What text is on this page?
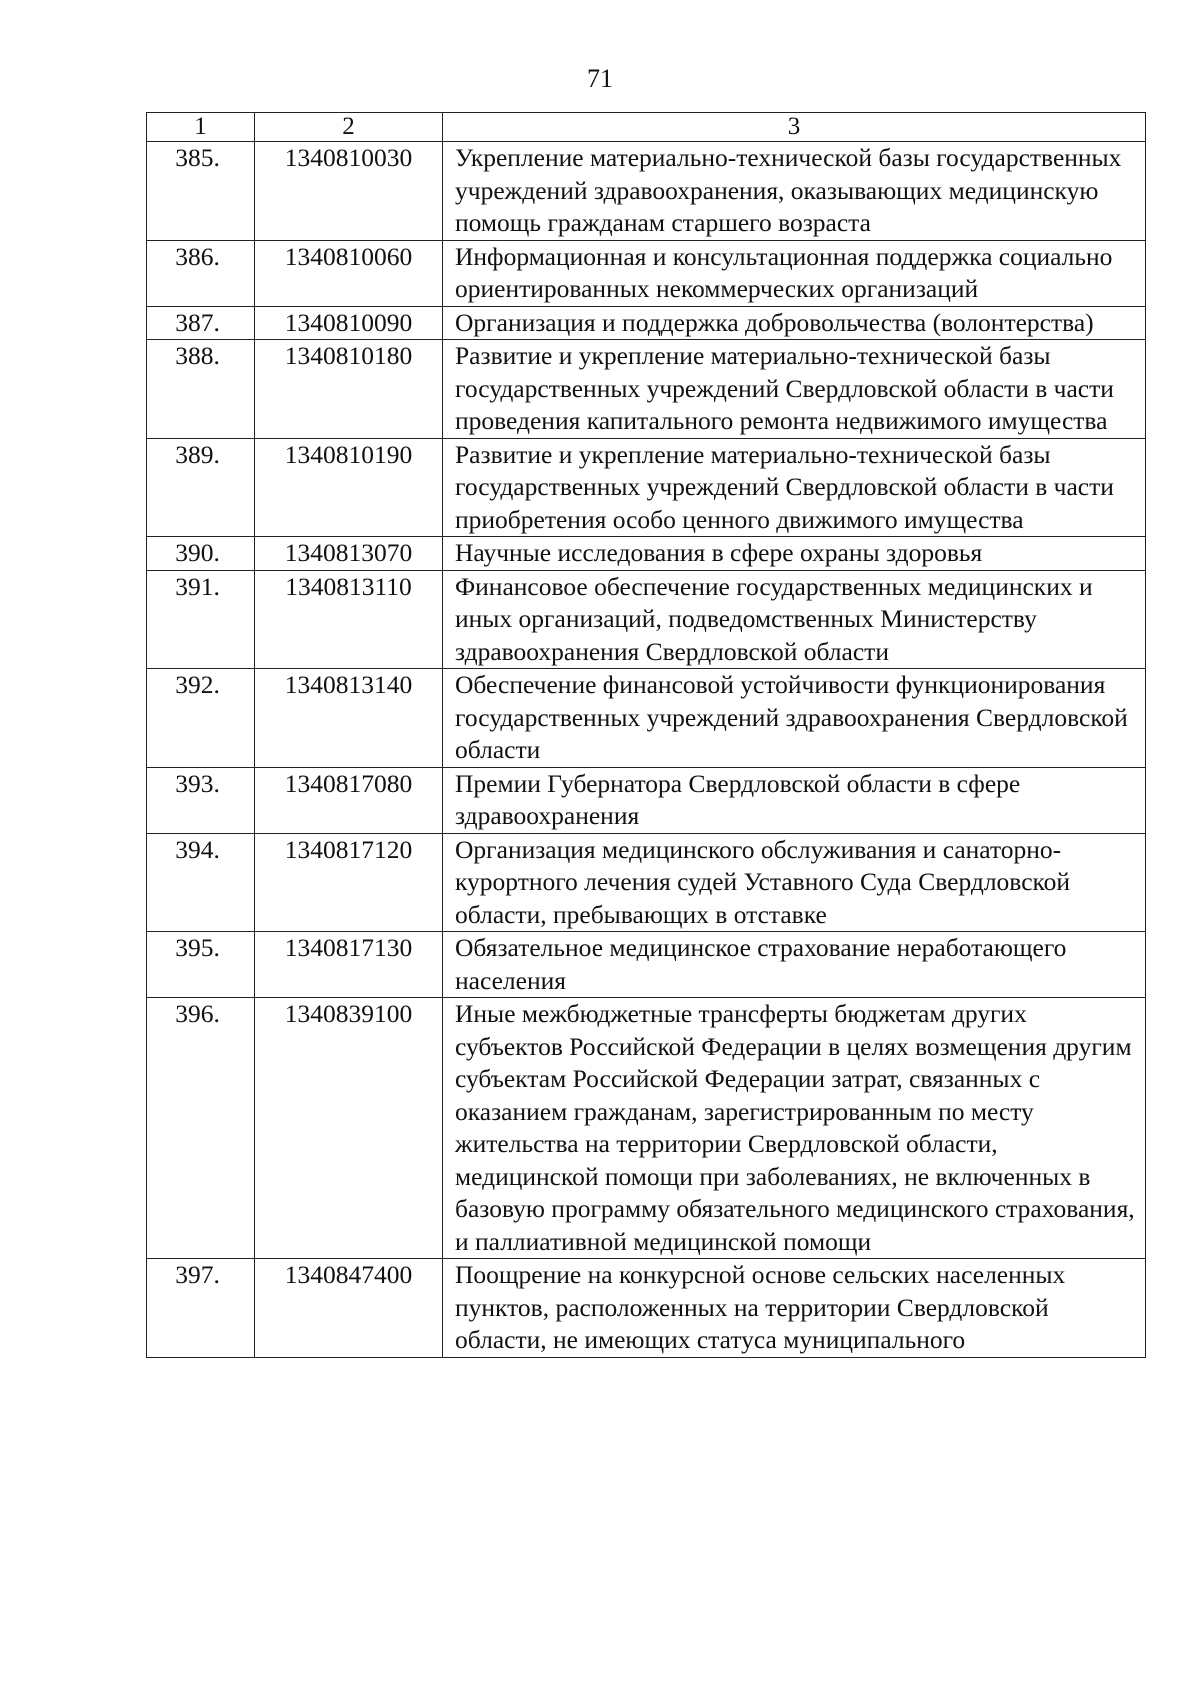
71
1	2	3
385.	1340810030	Укрепление материально-технической базы государственных учреждений здравоохранения, оказывающих медицинскую помощь гражданам старшего возраста
386.	1340810060	Информационная и консультационная поддержка социально ориентированных некоммерческих организаций
387.	1340810090	Организация и поддержка добровольчества (волонтерства)
388.	1340810180	Развитие и укрепление материально-технической базы государственных учреждений Свердловской области в части проведения капитального ремонта недвижимого имущества
389.	1340810190	Развитие и укрепление материально-технической базы государственных учреждений Свердловской области в части приобретения особо ценного движимого имущества
390.	1340813070	Научные исследования в сфере охраны здоровья
391.	1340813110	Финансовое обеспечение государственных медицинских и иных организаций, подведомственных Министерству здравоохранения Свердловской области
392.	1340813140	Обеспечение финансовой устойчивости функционирования государственных учреждений здравоохранения Свердловской области
393.	1340817080	Премии Губернатора Свердловской области в сфере здравоохранения
394.	1340817120	Организация медицинского обслуживания и санаторно-курортного лечения судей Уставного Суда Свердловской области, пребывающих в отставке
395.	1340817130	Обязательное медицинское страхование неработающего населения
396.	1340839100	Иные межбюджетные трансферты бюджетам других субъектов Российской Федерации в целях возмещения другим субъектам Российской Федерации затрат, связанных с оказанием гражданам, зарегистрированным по месту жительства на территории Свердловской области, медицинской помощи при заболеваниях, не включенных в базовую программу обязательного медицинского страхования, и паллиативной медицинской помощи
397.	1340847400	Поощрение на конкурсной основе сельских населенных пунктов, расположенных на территории Свердловской области, не имеющих статуса муниципального
